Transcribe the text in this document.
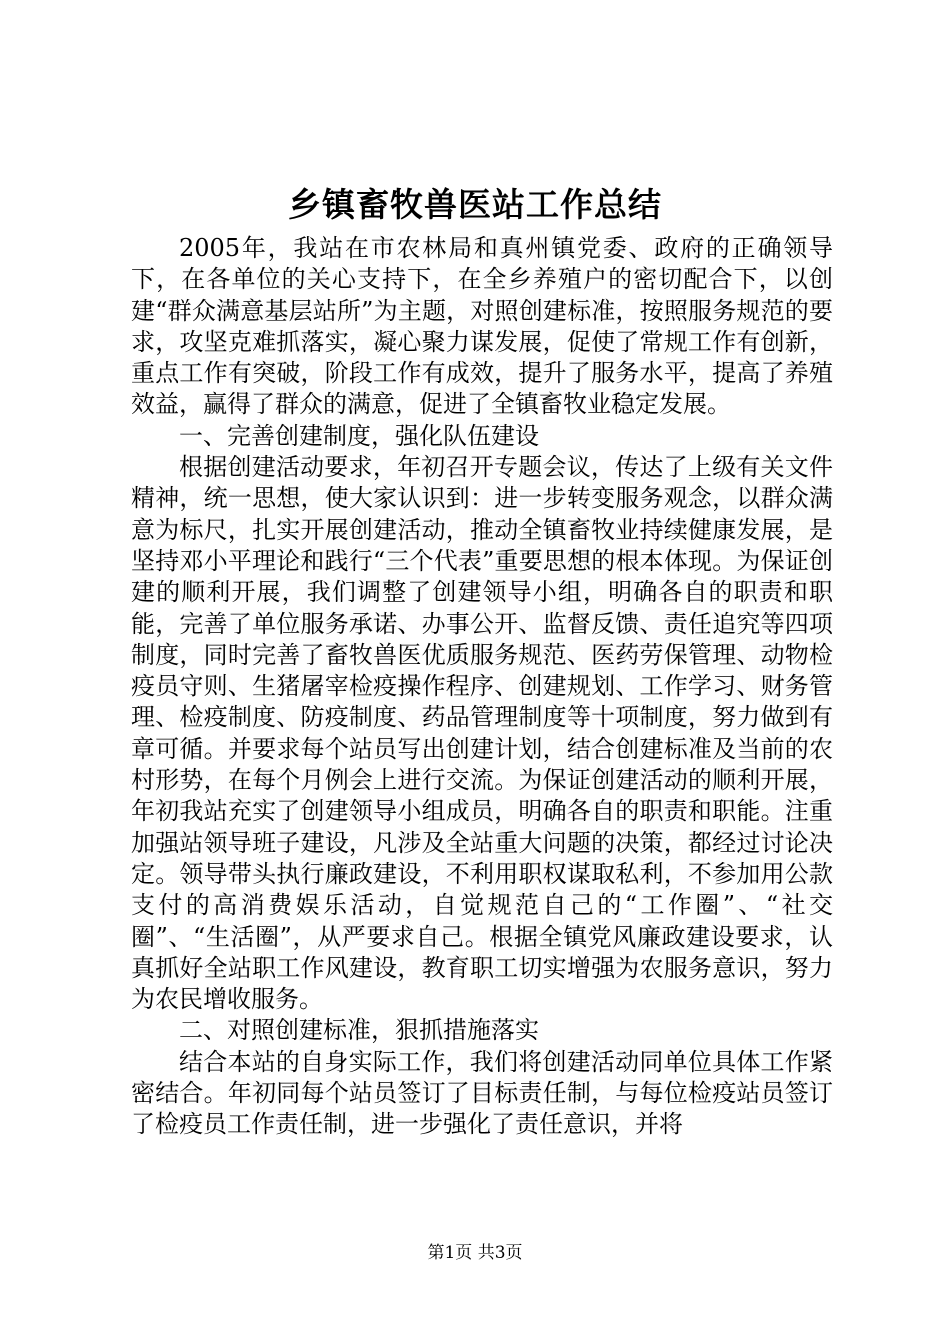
乡镇畜牧兽医站工作总结

2005年，我站在市农林局和真州镇党委、政府的正确领导下，在各单位的关心支持下，在全乡养殖户的密切配合下，以创建“群众满意基层站所”为主题，对照创建标准，按照服务规范的要求，攻坚克难抓落实，凝心聚力谋发展，促使了常规工作有创新，重点工作有突破，阶段工作有成效，提升了服务水平，提高了养殖效益，赢得了群众的满意，促进了全镇畜牧业稳定发展。

一、完善创建制度，强化队伍建设

根据创建活动要求，年初召开专题会议，传达了上级有关文件精神，统一思想，使大家认识到：进一步转变服务观念，以群众满意为标尺，扎实开展创建活动，推动全镇畜牧业持续健康发展，是坚持邓小平理论和践行“三个代表”重要思想的根本体现。为保证创建的顺利开展，我们调整了创建领导小组，明确各自的职责和职能，完善了单位服务承诺、办事公开、监督反馈、责任追究等四项制度，同时完善了畜牧兽医优质服务规范、医药劳保管理、动物检疫员守则、生猪屠宰检疫操作程序、创建规划、工作学习、财务管理、检疫制度、防疫制度、药品管理制度等十项制度，努力做到有章可循。并要求每个站员写出创建计划，结合创建标准及当前的农村形势，在每个月例会上进行交流。为保证创建活动的顺利开展，年初我站充实了创建领导小组成员，明确各自的职责和职能。注重加强站领导班子建设，凡涉及全站重大问题的决策，都经过讨论决定。领导带头执行廉政建设，不利用职权谋取私利，不参加用公款支付的高消费娱乐活动，自觉规范自己的“工作圈”、“社交圈”、“生活圈”，从严要求自己。根据全镇党风廉政建设要求，认真抓好全站职工作风建设，教育职工切实增强为农服务意识，努力为农民增收服务。

二、对照创建标准，狠抓措施落实

结合本站的自身实际工作，我们将创建活动同单位具体工作紧密结合。年初同每个站员签订了目标责任制，与每位检疫站员签订了检疫员工作责任制，进一步强化了责任意识，并将

第1页 共3页
